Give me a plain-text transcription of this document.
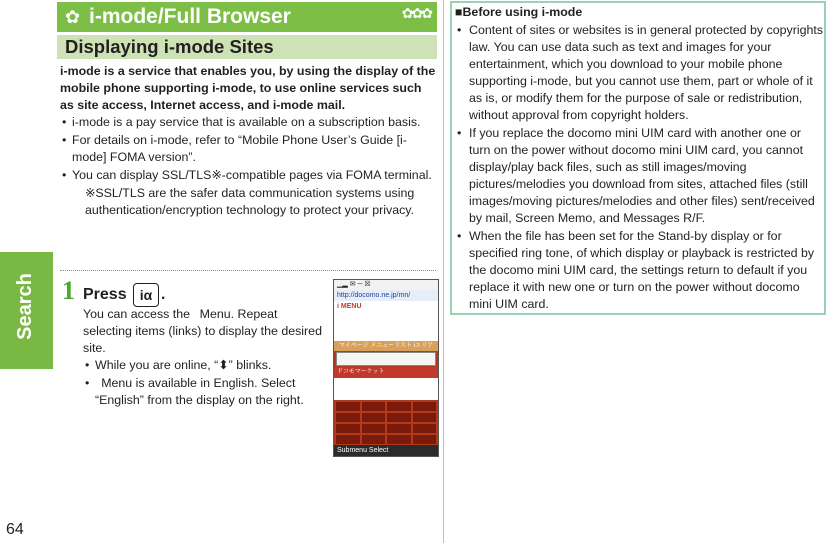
Search
64
✿ i-mode/Full Browser	✿✿✿
Displaying i-mode Sites
i-mode is a service that enables you, by using the display of the mobile phone supporting i-mode, to use online services such as site access, Internet access, and i-mode mail.
• i-mode is a pay service that is available on a subscription basis.
• For details on i-mode, refer to “Mobile Phone User’s Guide [i-mode] FOMA version”.
• You can display SSL/TLS※-compatible pages via FOMA terminal.
※SSL/TLS are the safer data communication systems using authentication/encryption technology to protect your privacy.
1 Press iα .
You can access the  Menu. Repeat selecting items (links) to display the desired site.
• While you are online, “⬍” blinks.
•  Menu is available in English. Select “English” from the display on the right.
▁▂ ✉ ─ ☒
http://docomo.ne.jp/mn/
i MENU
マイページ メニューリスト iエリア
ドコモマーケット
Submenu Select
■Before using i-mode
• Content of sites or websites is in general protected by copyrights law. You can use data such as text and images for your entertainment, which you download to your mobile phone supporting i-mode, but you cannot use them, part or whole of it as is, or modify them for the purpose of sale or redistribution, without approval from copyright holders.
• If you replace the docomo mini UIM card with another one or turn on the power without docomo mini UIM card, you cannot display/play back files, such as still images/moving pictures/melodies you download from sites, attached files (still images/moving pictures/melodies and other files) sent/received by mail, Screen Memo, and Messages R/F.
• When the file has been set for the Stand-by display or for specified ring tone, of which display or playback is restricted by the docomo mini UIM card, the settings return to default if you replace it with new one or turn on the power without docomo mini UIM card.
